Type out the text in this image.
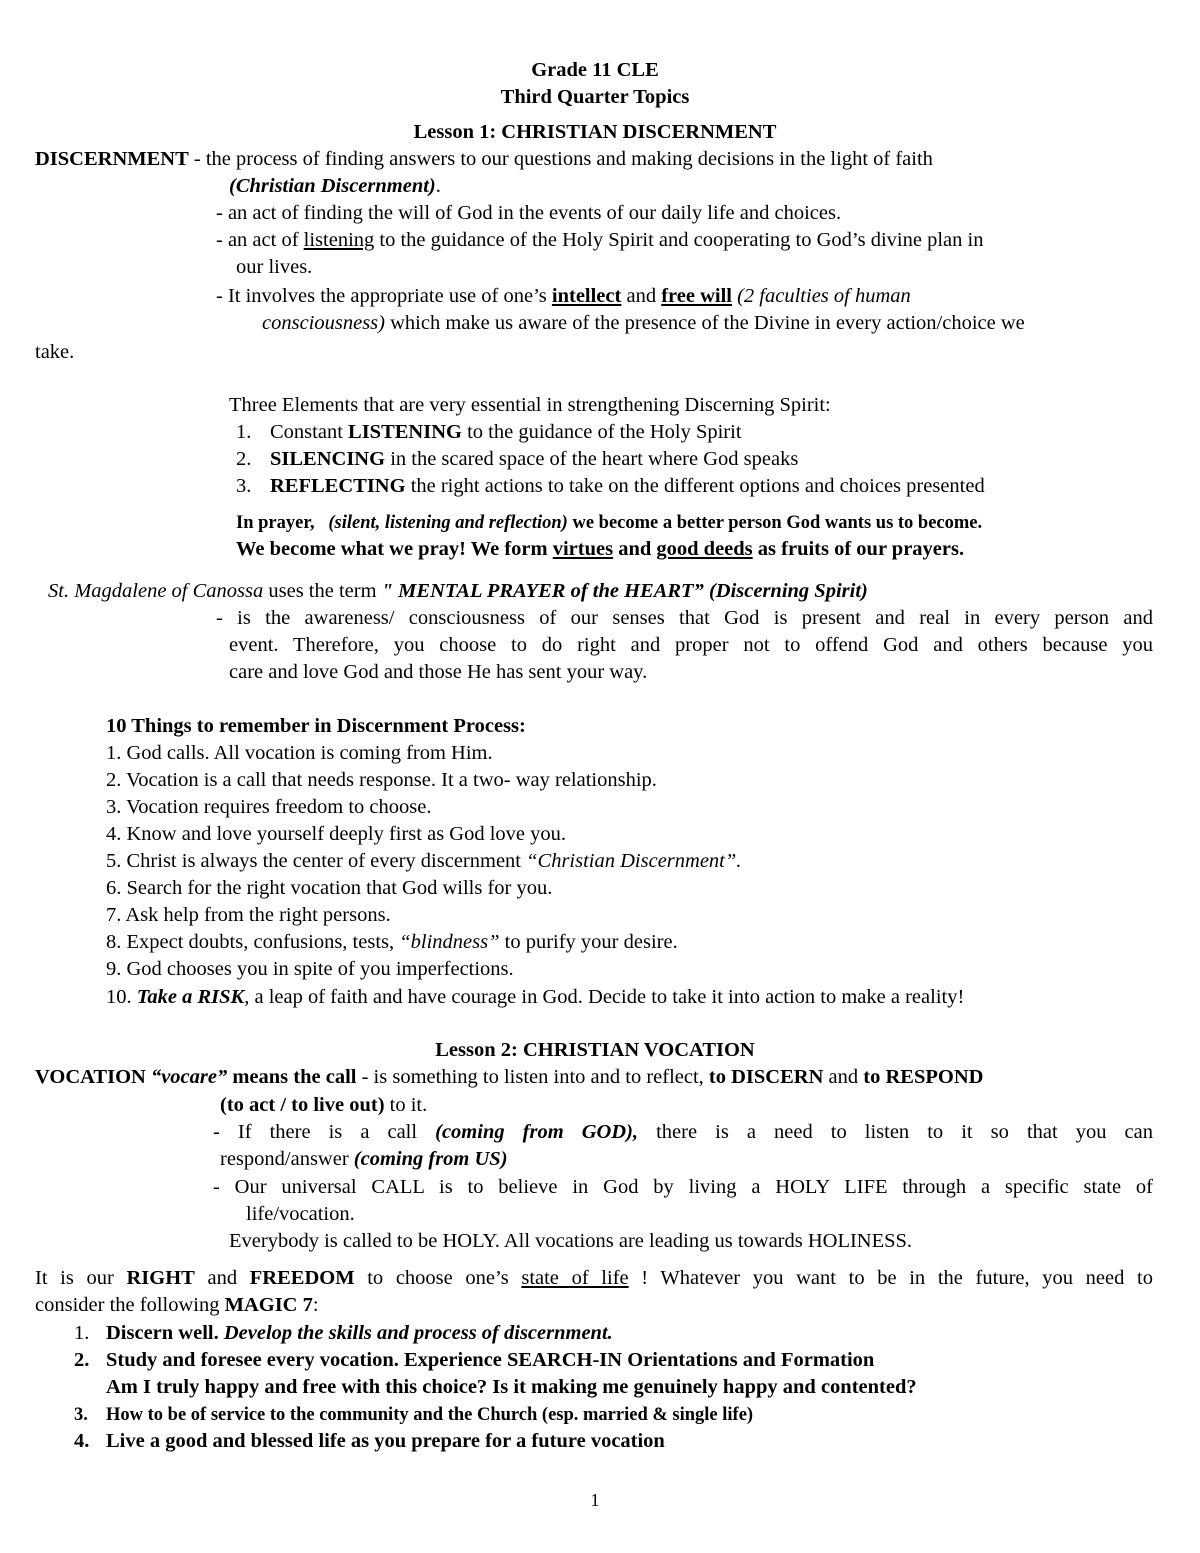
Grade 11 CLE
Third Quarter Topics
Lesson 1: CHRISTIAN DISCERNMENT
DISCERNMENT - the process of finding answers to our questions and making decisions in the light of faith
(Christian Discernment).
- an act of finding the will of God in the events of our daily life and choices.
- an act of listening to the guidance of the Holy Spirit and cooperating to God’s divine plan in
our lives.
- It involves the appropriate use of one’s intellect and free will (2 faculties of human
consciousness) which make us aware of the presence of the Divine in every action/choice we
take.
Three Elements that are very essential in strengthening Discerning Spirit:
1. Constant LISTENING to the guidance of the Holy Spirit
2. SILENCING in the scared space of the heart where God speaks
3. REFLECTING the right actions to take on the different options and choices presented
In prayer, (silent, listening and reflection) we become a better person God wants us to become.
We become what we pray! We form virtues and good deeds as fruits of our prayers.
St. Magdalene of Canossa uses the term " MENTAL PRAYER of the HEART” (Discerning Spirit)
- is the awareness/ consciousness of our senses that God is present and real in every person and
event. Therefore, you choose to do right and proper not to offend God and others because you
care and love God and those He has sent your way.
10 Things to remember in Discernment Process:
1. God calls. All vocation is coming from Him.
2. Vocation is a call that needs response. It a two- way relationship.
3. Vocation requires freedom to choose.
4. Know and love yourself deeply first as God love you.
5. Christ is always the center of every discernment “Christian Discernment”.
6. Search for the right vocation that God wills for you.
7. Ask help from the right persons.
8. Expect doubts, confusions, tests, “blindness” to purify your desire.
9. God chooses you in spite of you imperfections.
10. Take a RISK, a leap of faith and have courage in God. Decide to take it into action to make a reality!
Lesson 2: CHRISTIAN VOCATION
VOCATION “vocare” means the call - is something to listen into and to reflect, to DISCERN and to RESPOND
(to act / to live out) to it.
- If there is a call (coming from GOD), there is a need to listen to it so that you can
respond/answer (coming from US)
- Our universal CALL is to believe in God by living a HOLY LIFE through a specific state of
life/vocation.
Everybody is called to be HOLY. All vocations are leading us towards HOLINESS.
It is our RIGHT and FREEDOM to choose one’s state of life ! Whatever you want to be in the future, you need to
consider the following MAGIC 7:
1. Discern well. Develop the skills and process of discernment.
2. Study and foresee every vocation. Experience SEARCH-IN Orientations and Formation
Am I truly happy and free with this choice? Is it making me genuinely happy and contented?
3. How to be of service to the community and the Church (esp. married & single life)
4. Live a good and blessed life as you prepare for a future vocation
1
